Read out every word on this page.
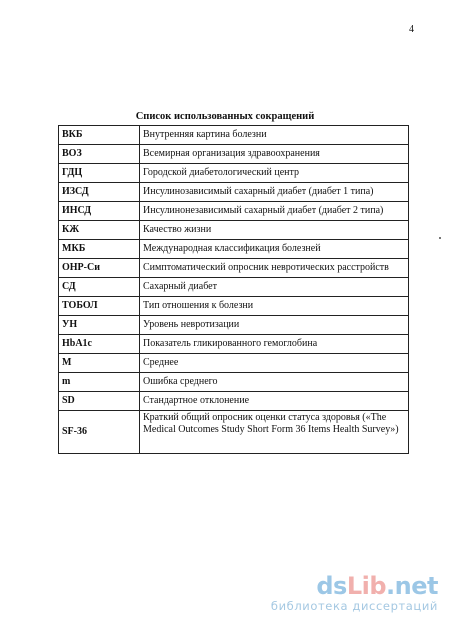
4
Список использованных сокращений
ВКБ	Внутренняя картина болезни
ВОЗ	Всемирная организация здравоохранения
ГДЦ	Городской диабетологический центр
ИЗСД	Инсулинозависимый сахарный диабет (диабет 1 типа)
ИНСД	Инсулинонезависимый сахарный диабет (диабет 2 типа)
КЖ	Качество жизни
МКБ	Международная классификация болезней
ОНР-Си	Симптоматический опросник невротических расстройств
СД	Сахарный диабет
ТОБОЛ	Тип отношения к болезни
УН	Уровень невротизации
HbA1c	Показатель гликированного гемоглобина
М	Среднее
m	Ошибка среднего
SD	Стандартное отклонение
SF-36	Краткий общий опросник оценки статуса здоровья («The Medical Outcomes Study Short Form 36 Items Health Survey»)
dsLib.net
библиотека диссертаций
